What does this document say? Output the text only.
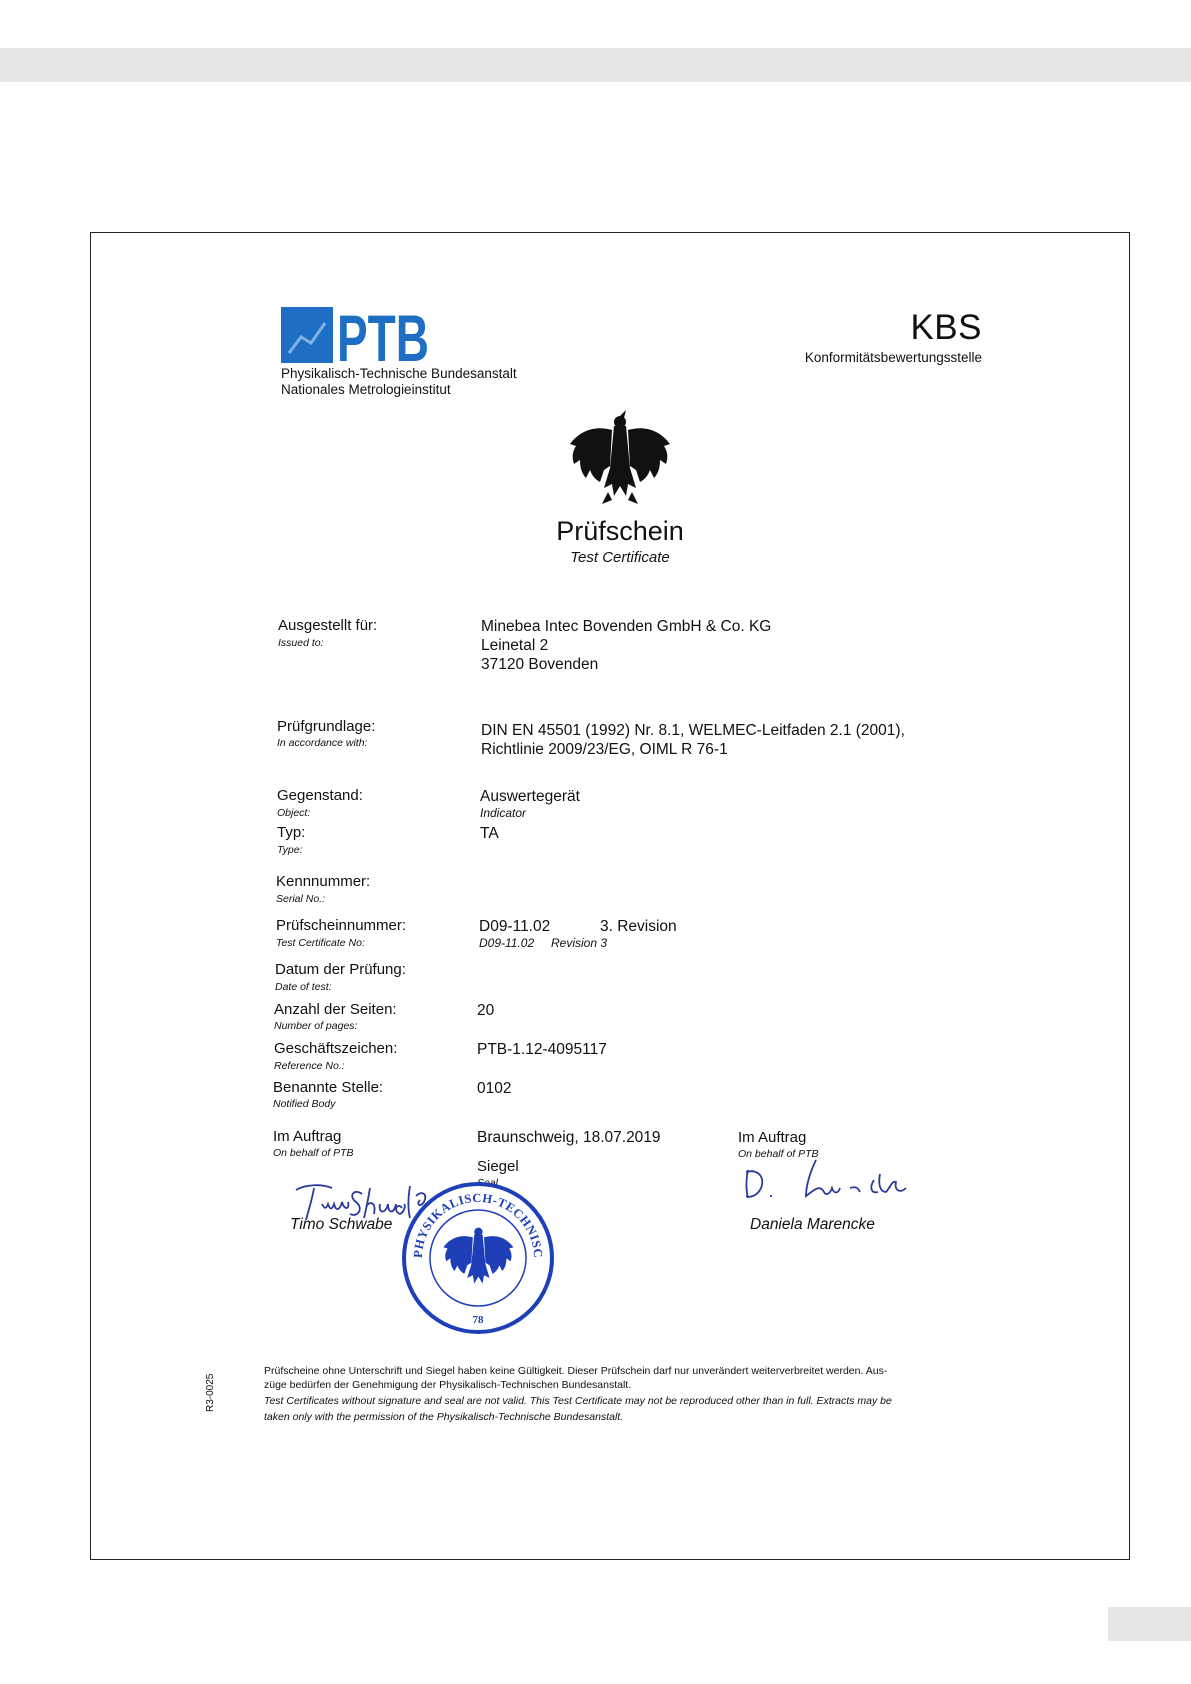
PTB
Physikalisch-Technische Bundesanstalt
Nationales Metrologieinstitut
KBS
Konformitätsbewertungsstelle
Prüfschein
Test Certificate
Ausgestellt für:
Issued to:
Minebea Intec Bovenden GmbH & Co. KG
Leinetal 2
37120 Bovenden
Prüfgrundlage:
In accordance with:
DIN EN 45501 (1992) Nr. 8.1, WELMEC-Leitfaden 2.1 (2001),
Richtlinie 2009/23/EG, OIML R 76-1
Gegenstand:
Object:
Auswertegerät
Indicator
Typ:
Type:
TA
Kennnummer:
Serial No.:
Prüfscheinnummer:
Test Certificate No:
D09-11.02	3. Revision
D09-11.02 Revision 3
Datum der Prüfung:
Date of test:
Anzahl der Seiten:
Number of pages:
20
Geschäftszeichen:
Reference No.:
PTB-1.12-4095117
Benannte Stelle:
Notified Body
0102
Im Auftrag
On behalf of PTB
Braunschweig, 18.07.2019
Siegel
Seal
Im Auftrag
On behalf of PTB
Timo Schwabe	Daniela Marencke
PHYSIKALISCH-TECHNISC
78
Prüfscheine ohne Unterschrift und Siegel haben keine Gültigkeit. Dieser Prüfschein darf nur unverändert weiterverbreitet werden. Aus-
züge bedürfen der Genehmigung der Physikalisch-Technischen Bundesanstalt.
Test Certificates without signature and seal are not valid. This Test Certificate may not be reproduced other than in full. Extracts may be
taken only with the permission of the Physikalisch-Technische Bundesanstalt.
R3-0025
